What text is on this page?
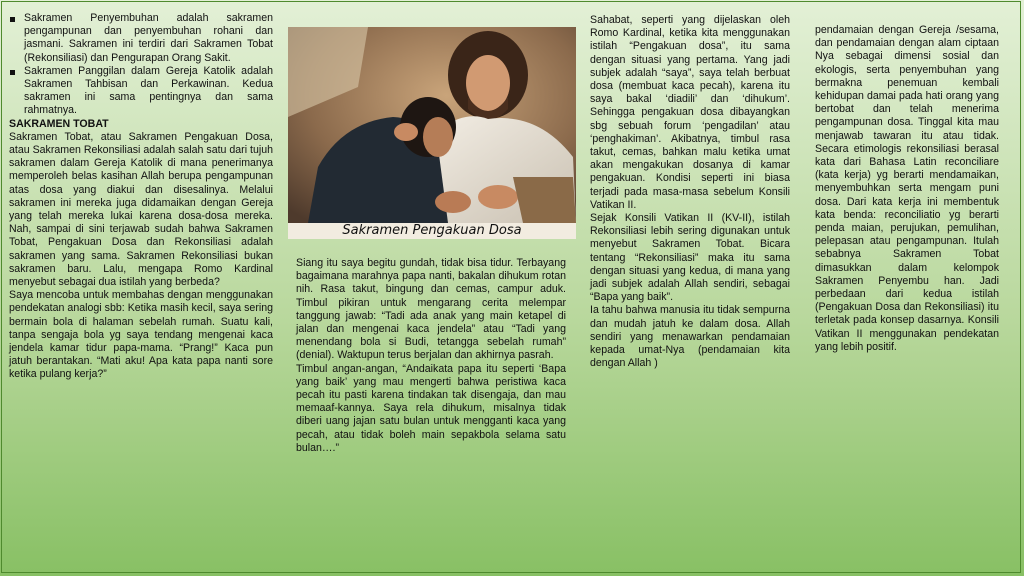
Sakramen Penyembuhan adalah sakramen pengampunan dan penyembuhan rohani dan jasmani. Sakramen ini terdiri dari Sakramen Tobat (Rekonsiliasi) dan Pengurapan Orang Sakit.
Sakramen Panggilan dalam Gereja Katolik adalah Sakramen Tahbisan dan Perkawinan. Kedua sakramen ini sama pentingnya dan sama rahmatnya.

SAKRAMEN TOBAT

Sakramen Tobat, atau Sakramen Pengakuan Dosa, atau Sakramen Rekonsiliasi adalah salah satu dari tujuh sakramen dalam Gereja Katolik di mana penerimanya memperoleh belas kasihan Allah berupa pengampunan atas dosa yang diakui dan disesalinya. Melalui sakramen ini mereka juga didamaikan dengan Gereja yang telah mereka lukai karena dosa-dosa mereka. Nah, sampai di sini terjawab sudah bahwa Sakramen Tobat, Pengakuan Dosa dan Rekonsiliasi adalah sakramen yang sama. Sakramen Rekonsiliasi bukan sakramen baru. Lalu, mengapa Romo Kardinal menyebut sebagai dua istilah yang berbeda?

Saya mencoba untuk membahas dengan menggunakan pendekatan analogi sbb: Ketika masih kecil, saya sering bermain bola di halaman sebelah rumah. Suatu kali, tanpa sengaja bola yg saya tendang mengenai kaca jendela kamar tidur papa-mama. “Prang!” Kaca pun jatuh berantakan. “Mati aku! Apa kata papa nanti sore ketika pulang kerja?”

Sakramen Pengakuan Dosa

Siang itu saya begitu gundah, tidak bisa tidur. Terbayang bagaimana marahnya papa nanti, bakalan dihukum rotan nih. Rasa takut, bingung dan cemas, campur aduk. Timbul pikiran untuk mengarang cerita melempar tanggung jawab: “Tadi ada anak yang main ketapel di jalan dan mengenai kaca jendela” atau “Tadi yang menendang bola si Budi, tetangga sebelah rumah” (denial). Waktupun terus berjalan dan akhirnya pasrah.

Timbul angan-angan, “Andaikata papa itu seperti ‘Bapa yang baik’ yang mau mengerti bahwa peristiwa kaca pecah itu pasti karena tindakan tak disengaja, dan mau memaaf-kannya. Saya rela dihukum, misalnya tidak diberi uang jajan satu bulan untuk mengganti kaca yang pecah, atau tidak boleh main sepakbola selama satu bulan….”

Sahabat, seperti yang dijelaskan oleh Romo Kardinal, ketika kita menggunakan istilah “Pengakuan dosa”, itu sama dengan situasi yang pertama. Yang jadi subjek adalah “saya”, saya telah berbuat dosa (membuat kaca pecah), karena itu saya bakal ‘diadili’ dan ‘dihukum’. Sehingga pengakuan dosa dibayangkan sbg sebuah forum ‘pengadilan’ atau ‘penghakiman’. Akibatnya, timbul rasa takut, cemas, bahkan malu ketika umat akan mengakukan dosanya di kamar pengakuan. Kondisi seperti ini biasa terjadi pada masa-masa sebelum Konsili Vatikan II.

Sejak Konsili Vatikan II (KV-II), istilah Rekonsiliasi lebih sering digunakan untuk menyebut Sakramen Tobat. Bicara tentang “Rekonsiliasi” maka itu sama dengan situasi yang kedua, di mana yang jadi subjek adalah Allah sendiri, sebagai “Bapa yang baik”.

Ia tahu bahwa manusia itu tidak sempurna dan mudah jatuh ke dalam dosa. Allah sendiri yang menawarkan pendamaian kepada umat-Nya (pendamaian kita dengan Allah )

pendamaian dengan Gereja /sesama, dan pendamaian dengan alam ciptaan Nya sebagai dimensi sosial dan ekologis, serta penyembuhan yang bermakna penemuan kembali kehidupan damai pada hati orang yang bertobat dan telah menerima pengampunan dosa. Tinggal kita mau menjawab tawaran itu atau tidak. Secara etimologis rekonsiliasi berasal kata dari Bahasa Latin reconciliare (kata kerja) yg berarti mendamaikan, menyembuhkan serta mengam puni dosa. Dari kata kerja ini membentuk kata benda: reconciliatio yg berarti penda maian, perujukan, pemulihan, pelepasan atau pengampunan. Itulah sebabnya Sakramen Tobat dimasukkan dalam kelompok Sakramen Penyembu han. Jadi perbedaan dari kedua istilah (Pengakuan Dosa dan Rekonsiliasi) itu terletak pada konsep dasarnya. Konsili Vatikan II menggunakan pendekatan yang lebih positif.
